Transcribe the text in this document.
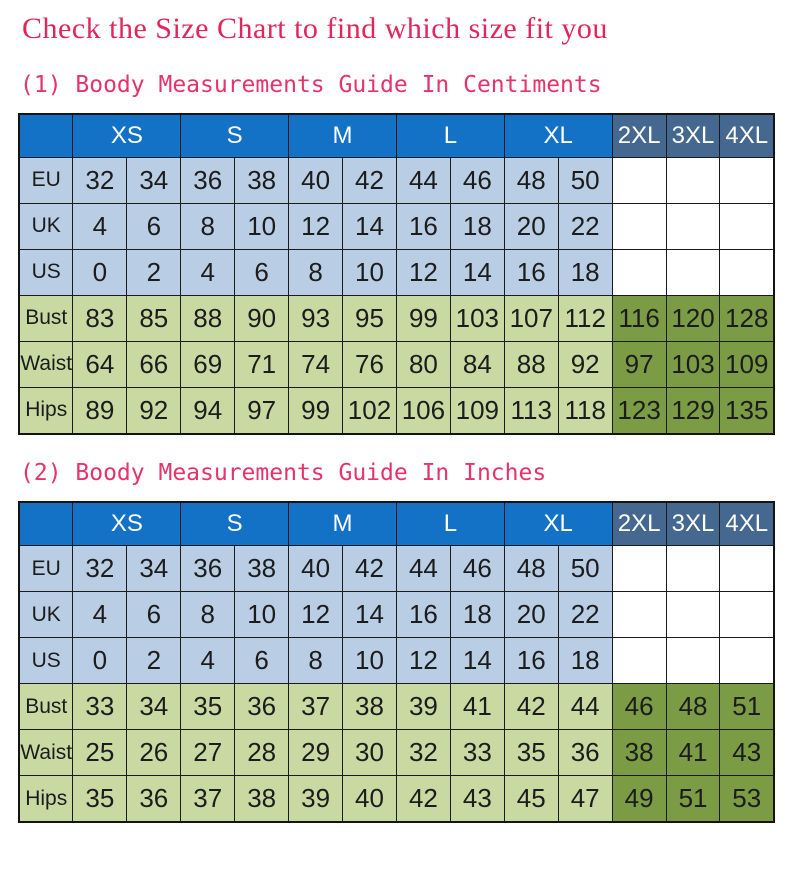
Check the Size Chart to find which size fit you
(1) Boody Measurements Guide In Centiments
	XS		S		M		L		XL		2XL	3XL	4XL
EU	32	34	36	38	40	42	44	46	48	50			
UK	4	6	8	10	12	14	16	18	20	22			
US	0	2	4	6	8	10	12	14	16	18			
Bust	83	85	88	90	93	95	99	103	107	112	116	120	128
Waist	64	66	69	71	74	76	80	84	88	92	97	103	109
Hips	89	92	94	97	99	102	106	109	113	118	123	129	135
(2) Boody Measurements Guide In Inches
	XS		S		M		L		XL		2XL	3XL	4XL
EU	32	34	36	38	40	42	44	46	48	50			
UK	4	6	8	10	12	14	16	18	20	22			
US	0	2	4	6	8	10	12	14	16	18			
Bust	33	34	35	36	37	38	39	41	42	44	46	48	51
Waist	25	26	27	28	29	30	32	33	35	36	38	41	43
Hips	35	36	37	38	39	40	42	43	45	47	49	51	53
